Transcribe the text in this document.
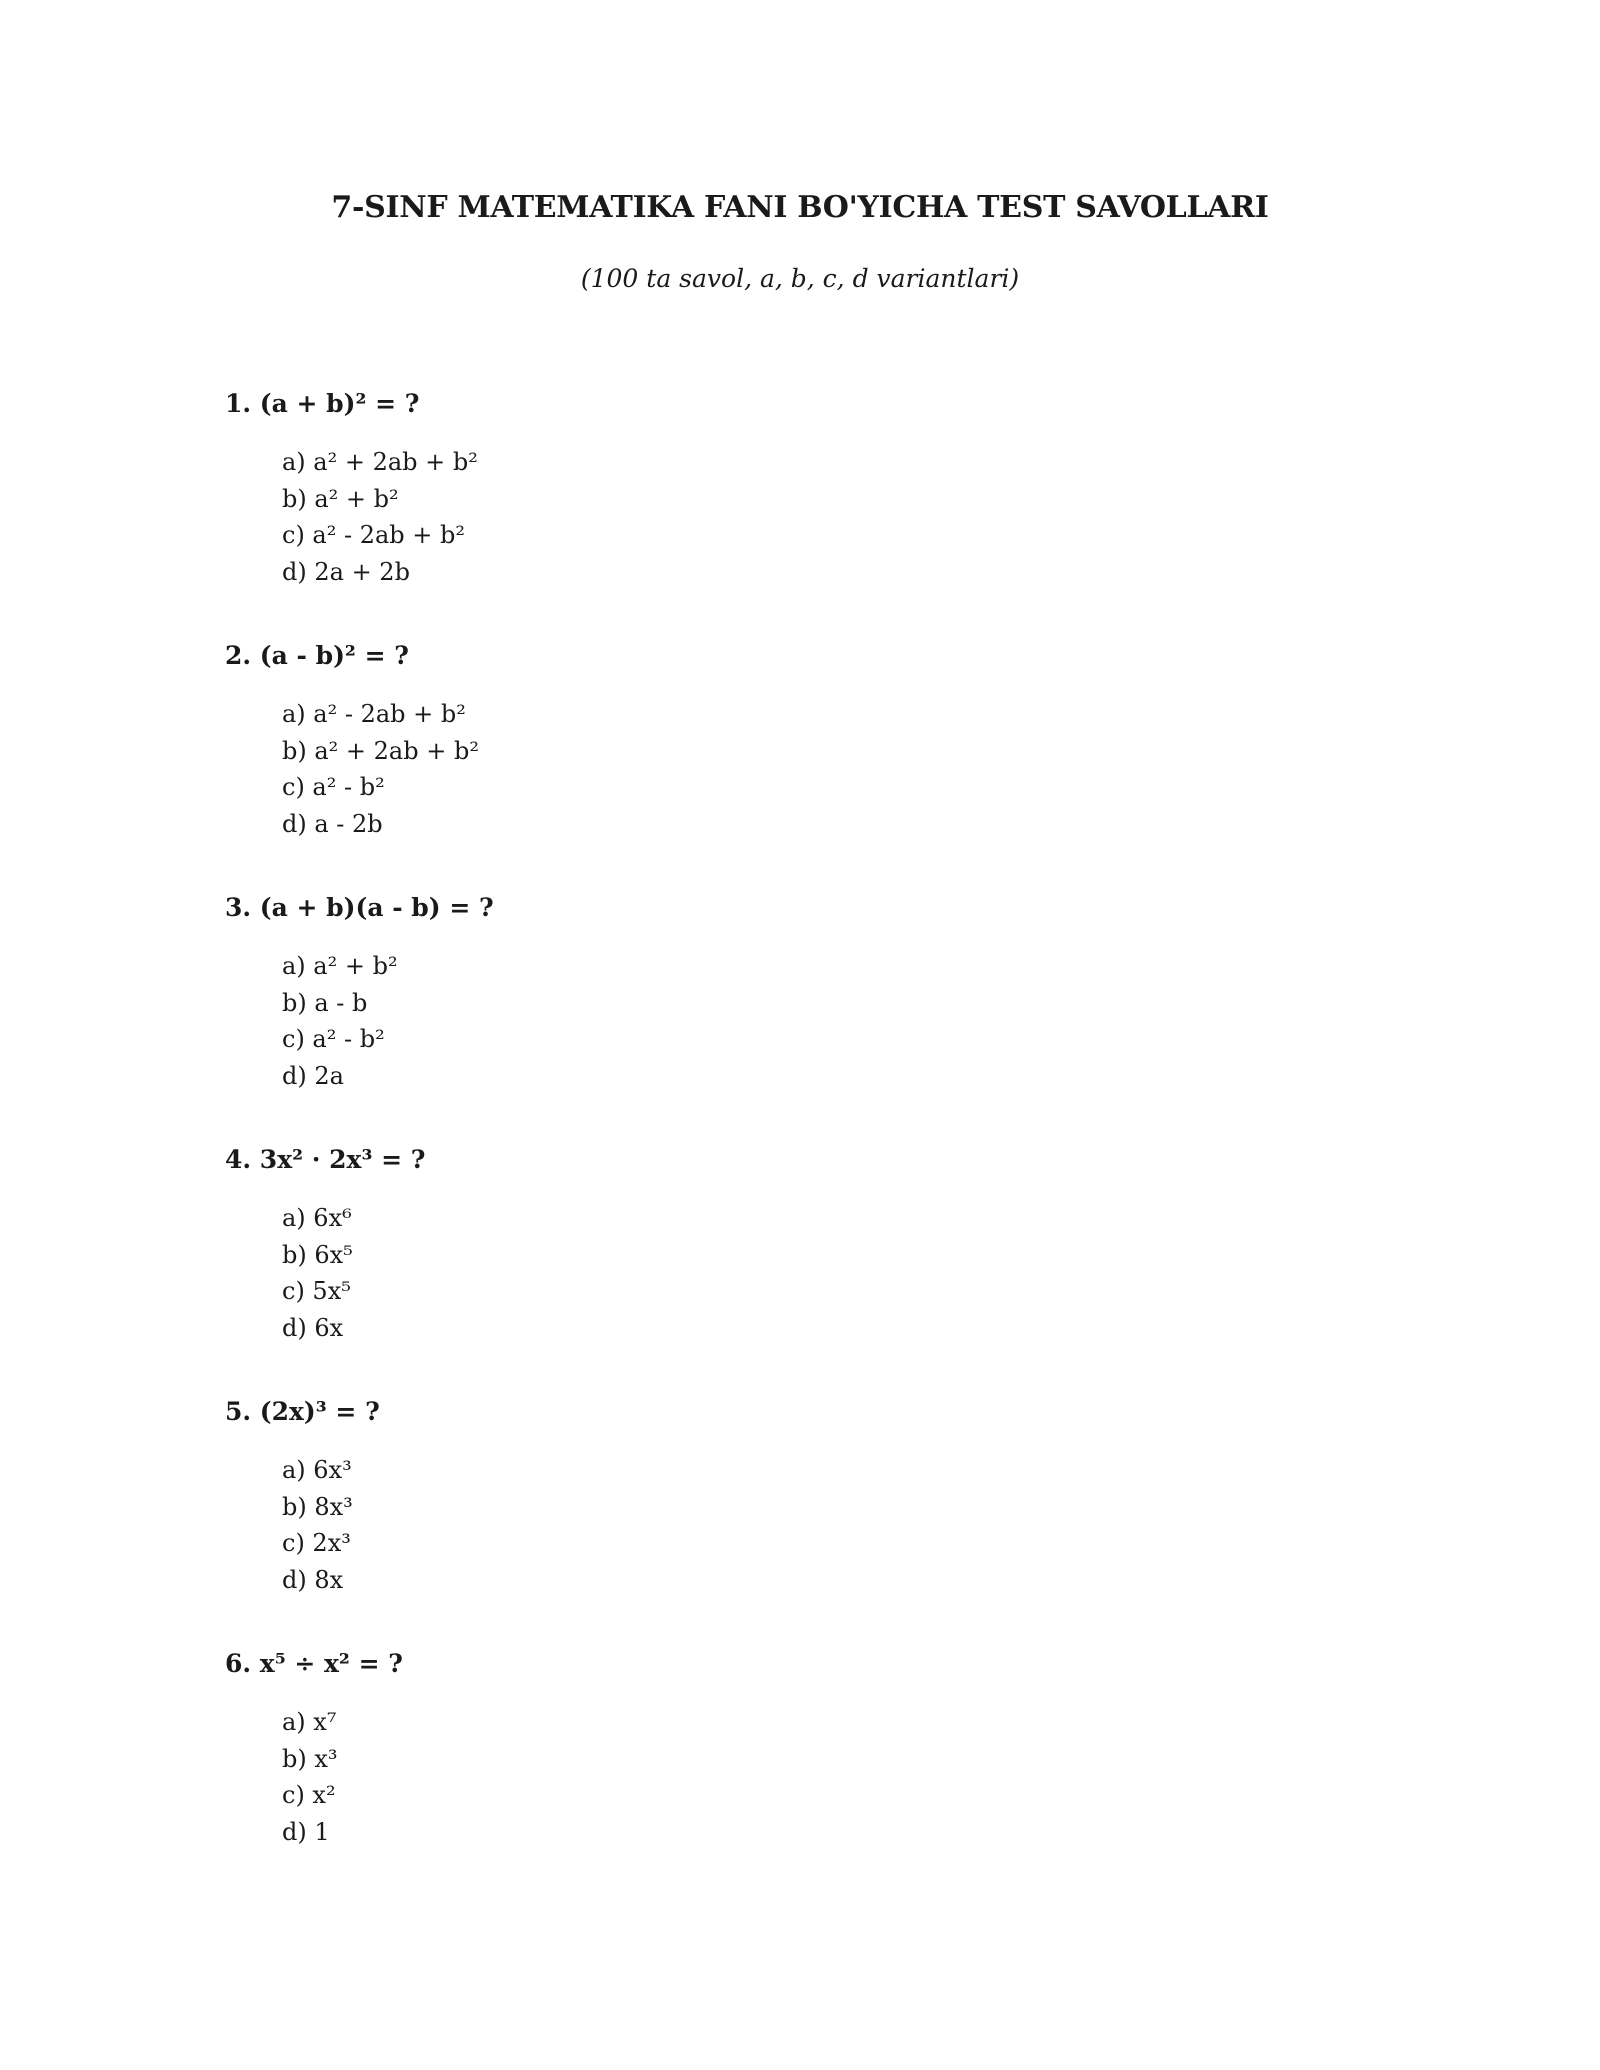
7-SINF MATEMATIKA FANI BO'YICHA TEST SAVOLLARI

(100 ta savol, a, b, c, d variantlari)

1. (a + b)² = ?

a) a² + 2ab + b²
b) a² + b²
c) a² - 2ab + b²
d) 2a + 2b

2. (a - b)² = ?

a) a² - 2ab + b²
b) a² + 2ab + b²
c) a² - b²
d) a - 2b

3. (a + b)(a - b) = ?

a) a² + b²
b) a - b
c) a² - b²
d) 2a

4. 3x² · 2x³ = ?

a) 6x⁶
b) 6x⁵
c) 5x⁵
d) 6x

5. (2x)³ = ?

a) 6x³
b) 8x³
c) 2x³
d) 8x

6. x⁵ ÷ x² = ?

a) x⁷
b) x³
c) x²
d) 1
